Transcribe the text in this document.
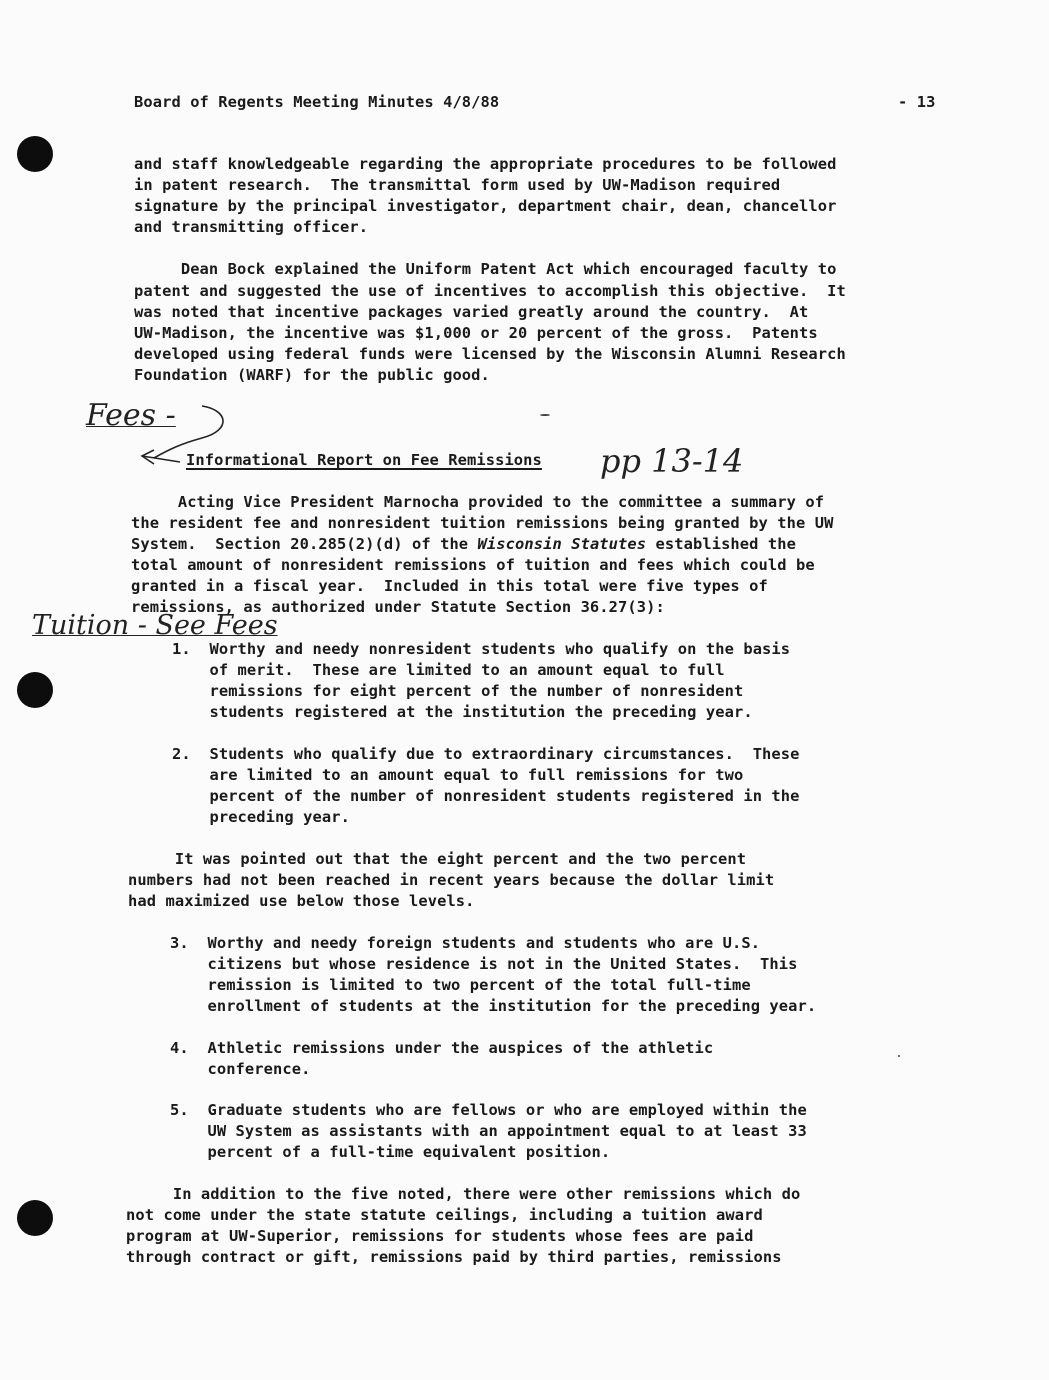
Board of Regents Meeting Minutes 4/8/88	- 13
and staff knowledgeable regarding the appropriate procedures to be followed
in patent research.  The transmittal form used by UW-Madison required
signature by the principal investigator, department chair, dean, chancellor
and transmitting officer.
Dean Bock explained the Uniform Patent Act which encouraged faculty to
patent and suggested the use of incentives to accomplish this objective.  It
was noted that incentive packages varied greatly around the country.  At
UW-Madison, the incentive was $1,000 or 20 percent of the gross.  Patents
developed using federal funds were licensed by the Wisconsin Alumni Research
Foundation (WARF) for the public good.
Fees -
Informational Report on Fee Remissions pp 13-14
Acting Vice President Marnocha provided to the committee a summary of
the resident fee and nonresident tuition remissions being granted by the UW
System.  Section 20.285(2)(d) of the Wisconsin Statutes established the
total amount of nonresident remissions of tuition and fees which could be
granted in a fiscal year.  Included in this total were five types of
remissions, as authorized under Statute Section 36.27(3):
Tuition - See Fees
1.  Worthy and needy nonresident students who qualify on the basis
of merit.  These are limited to an amount equal to full
remissions for eight percent of the number of nonresident
students registered at the institution the preceding year.
2.  Students who qualify due to extraordinary circumstances.  These
are limited to an amount equal to full remissions for two
percent of the number of nonresident students registered in the
preceding year.
It was pointed out that the eight percent and the two percent
numbers had not been reached in recent years because the dollar limit
had maximized use below those levels.
3.  Worthy and needy foreign students and students who are U.S.
citizens but whose residence is not in the United States.  This
remission is limited to two percent of the total full-time
enrollment of students at the institution for the preceding year.
4.  Athletic remissions under the auspices of the athletic
conference.
5.  Graduate students who are fellows or who are employed within the
UW System as assistants with an appointment equal to at least 33
percent of a full-time equivalent position.
In addition to the five noted, there were other remissions which do
not come under the state statute ceilings, including a tuition award
program at UW-Superior, remissions for students whose fees are paid
through contract or gift, remissions paid by third parties, remissions
